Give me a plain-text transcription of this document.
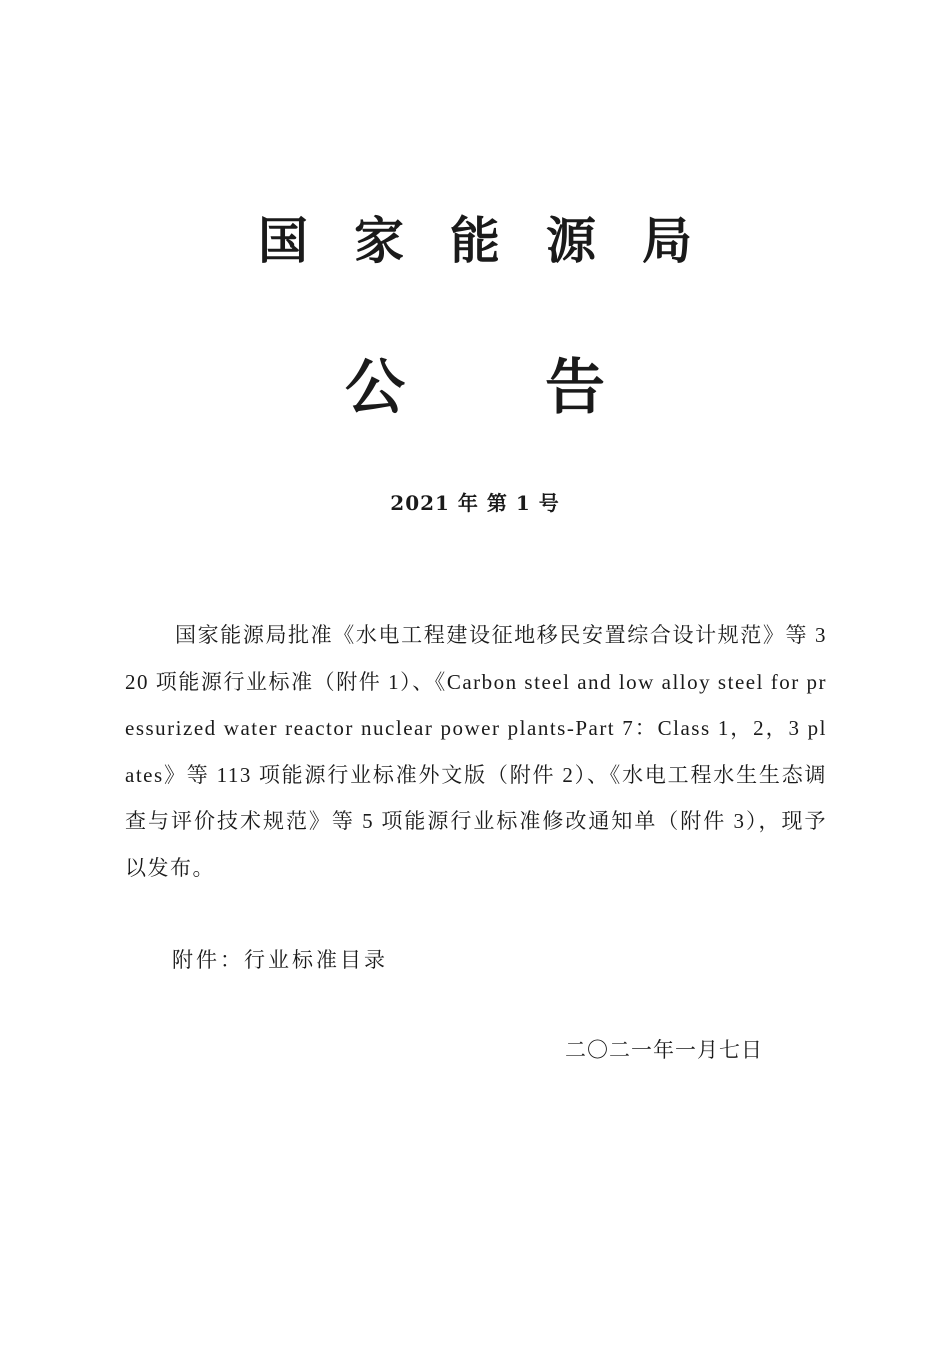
国家能源局
公告
2021 年 第 1 号
国家能源局批准《水电工程建设征地移民安置综合设计规范》等 320 项能源行业标准（附件 1）、《Carbon steel and low alloy steel for pressurized water reactor nuclear power plants-Part 7：Class 1，2，3 plates》等 113 项能源行业标准外文版（附件 2）、《水电工程水生生态调查与评价技术规范》等 5 项能源行业标准修改通知单（附件 3），现予以发布。
附件：行业标准目录
二〇二一年一月七日
